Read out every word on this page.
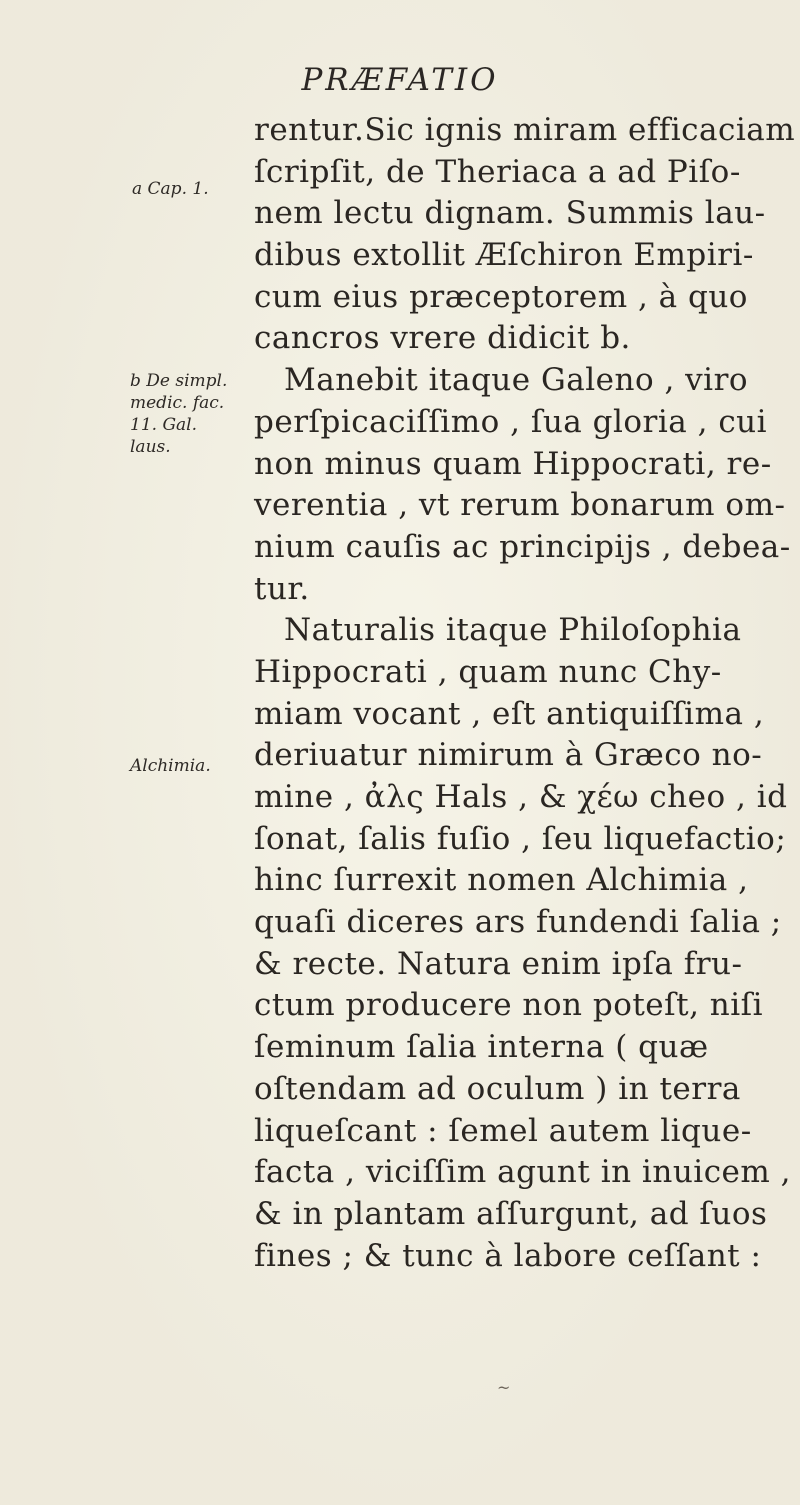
PRÆFATIO
a Cap. 1.
b De simpl.
medic. fac.
11. Gal.
laus.
Alchimia.
rentur.Sic ignis miram efficaciam
ſcripſit, de Theriaca a ad Piſo-
nem lectu dignam. Summis lau-
dibus extollit Æſchiron Empiri-
cum eius præceptorem , à quo
cancros vrere didicit b.
Manebit itaque Galeno , viro
perſpicaciſſimo , ſua gloria , cui
non minus quam Hippocrati, re-
verentia , vt rerum bonarum om-
nium cauſis ac principijs , debea-
tur.
Naturalis itaque Philoſophia
Hippocrati , quam nunc Chy-
miam vocant , eſt antiquiſſima ,
deriuatur nimirum à Græco no-
mine , ἀλς Hals , & χέω cheo , id
ſonat, ſalis fuſio , ſeu liquefactio;
hinc ſurrexit nomen Alchimia ,
quaſi diceres ars fundendi ſalia ;
& recte. Natura enim ipſa fru-
ctum producere non poteſt, niſi
ſeminum ſalia interna ( quæ
oſtendam ad oculum ) in terra
liqueſcant : ſemel autem lique-
facta , viciſſim agunt in inuicem ,
& in plantam aſſurgunt, ad ſuos
fines ; & tunc à labore ceſſant :
~
